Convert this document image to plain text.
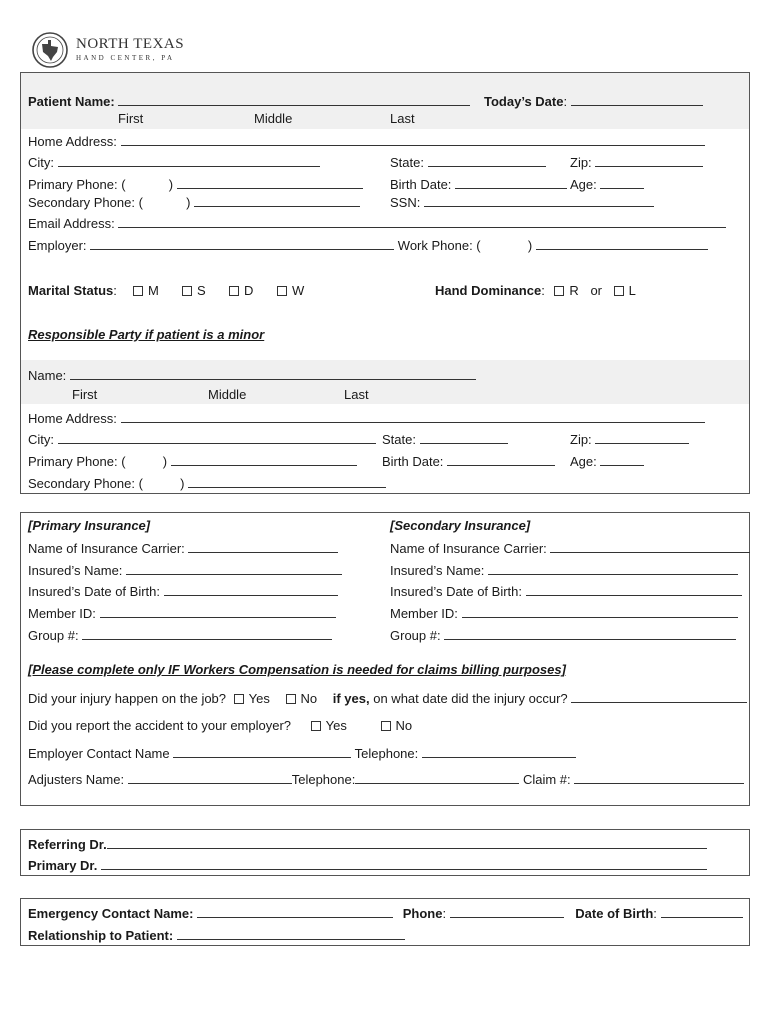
NORTH TEXAS
HAND CENTER, PA
Patient Name:	Today’s Date:
First	Middle	Last
Home Address:
City:	State:	Zip:
Primary Phone: (	)	Birth Date:	Age:
Secondary Phone: (	)	SSN:
Email Address:
Employer:	Work Phone: (	)
Marital Status:	M	S	D	W	Hand Dominance: R or L
Responsible Party if patient is a minor
Name:
First	Middle	Last
Home Address:
City:	State:	Zip:
Primary Phone: (	)	Birth Date:	Age:
Secondary Phone: (	)
[Primary Insurance]	[Secondary Insurance]
Name of Insurance Carrier:	Name of Insurance Carrier:
Insured’s Name:	Insured’s Name:
Insured’s Date of Birth:	Insured’s Date of Birth:
Member ID:	Member ID:
Group #:	Group #:
[Please complete only IF Workers Compensation is needed for claims billing purposes]
Did your injury happen on the job? Yes No if yes, on what date did the injury occur?
Did you report the accident to your employer?	Yes	No
Employer Contact Name	Telephone:
Adjusters Name:	Telephone:	Claim #:
Referring Dr.
Primary Dr.
Emergency Contact Name:	Phone:	Date of Birth:
Relationship to Patient:
